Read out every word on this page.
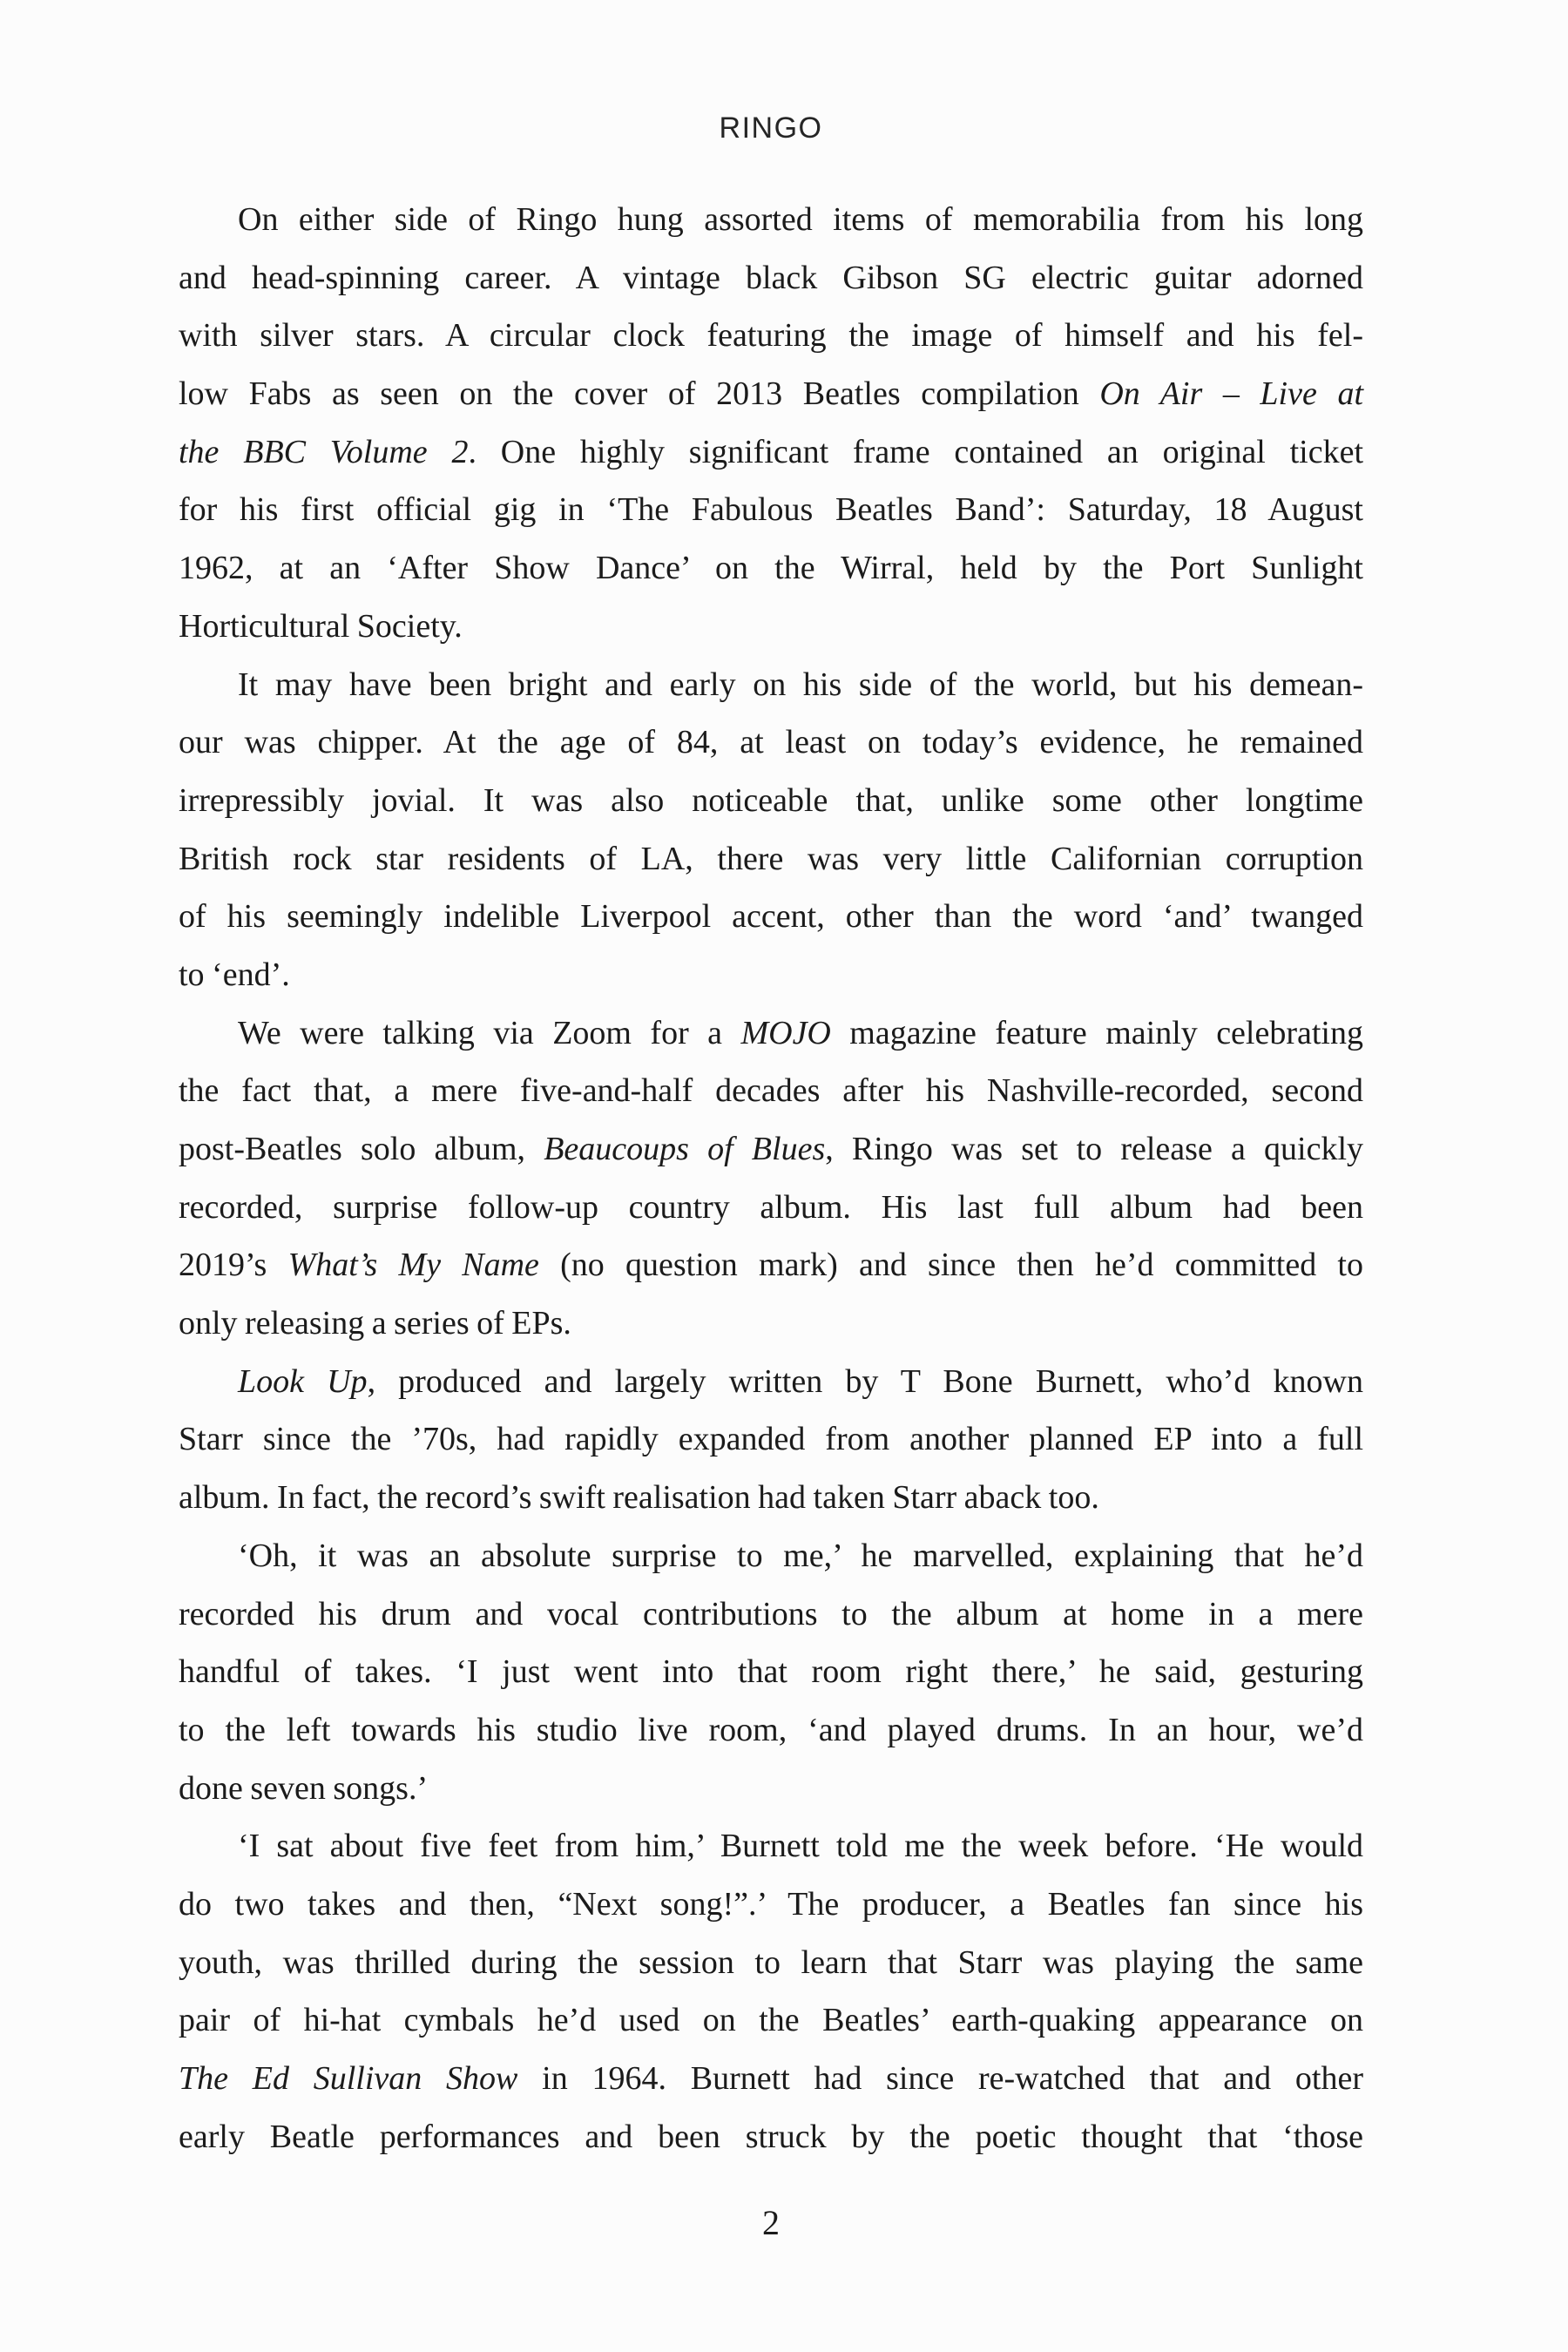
RINGO
On either side of Ringo hung assorted items of memorabilia from his long
and head-spinning career. A vintage black Gibson SG electric guitar adorned
with silver stars. A circular clock featuring the image of himself and his fel-
low Fabs as seen on the cover of 2013 Beatles compilation On Air – Live at
the BBC Volume 2. One highly significant frame contained an original ticket
for his first official gig in ‘The Fabulous Beatles Band’: Saturday, 18 August
1962, at an ‘After Show Dance’ on the Wirral, held by the Port Sunlight
Horticultural Society.
It may have been bright and early on his side of the world, but his demean-
our was chipper. At the age of 84, at least on today’s evidence, he remained
irrepressibly jovial. It was also noticeable that, unlike some other longtime
British rock star residents of LA, there was very little Californian corruption
of his seemingly indelible Liverpool accent, other than the word ‘and’ twanged
to ‘end’.
We were talking via Zoom for a MOJO magazine feature mainly celebrating
the fact that, a mere five-and-half decades after his Nashville-recorded, second
post-Beatles solo album, Beaucoups of Blues, Ringo was set to release a quickly
recorded, surprise follow-up country album. His last full album had been
2019’s What’s My Name (no question mark) and since then he’d committed to
only releasing a series of EPs.
Look Up, produced and largely written by T Bone Burnett, who’d known
Starr since the ’70s, had rapidly expanded from another planned EP into a full
album. In fact, the record’s swift realisation had taken Starr aback too.
‘Oh, it was an absolute surprise to me,’ he marvelled, explaining that he’d
recorded his drum and vocal contributions to the album at home in a mere
handful of takes. ‘I just went into that room right there,’ he said, gesturing
to the left towards his studio live room, ‘and played drums. In an hour, we’d
done seven songs.’
‘I sat about five feet from him,’ Burnett told me the week before. ‘He would
do two takes and then, “Next song!”.’ The producer, a Beatles fan since his
youth, was thrilled during the session to learn that Starr was playing the same
pair of hi-hat cymbals he’d used on the Beatles’ earth-quaking appearance on
The Ed Sullivan Show in 1964. Burnett had since re-watched that and other
early Beatle performances and been struck by the poetic thought that ‘those
2
